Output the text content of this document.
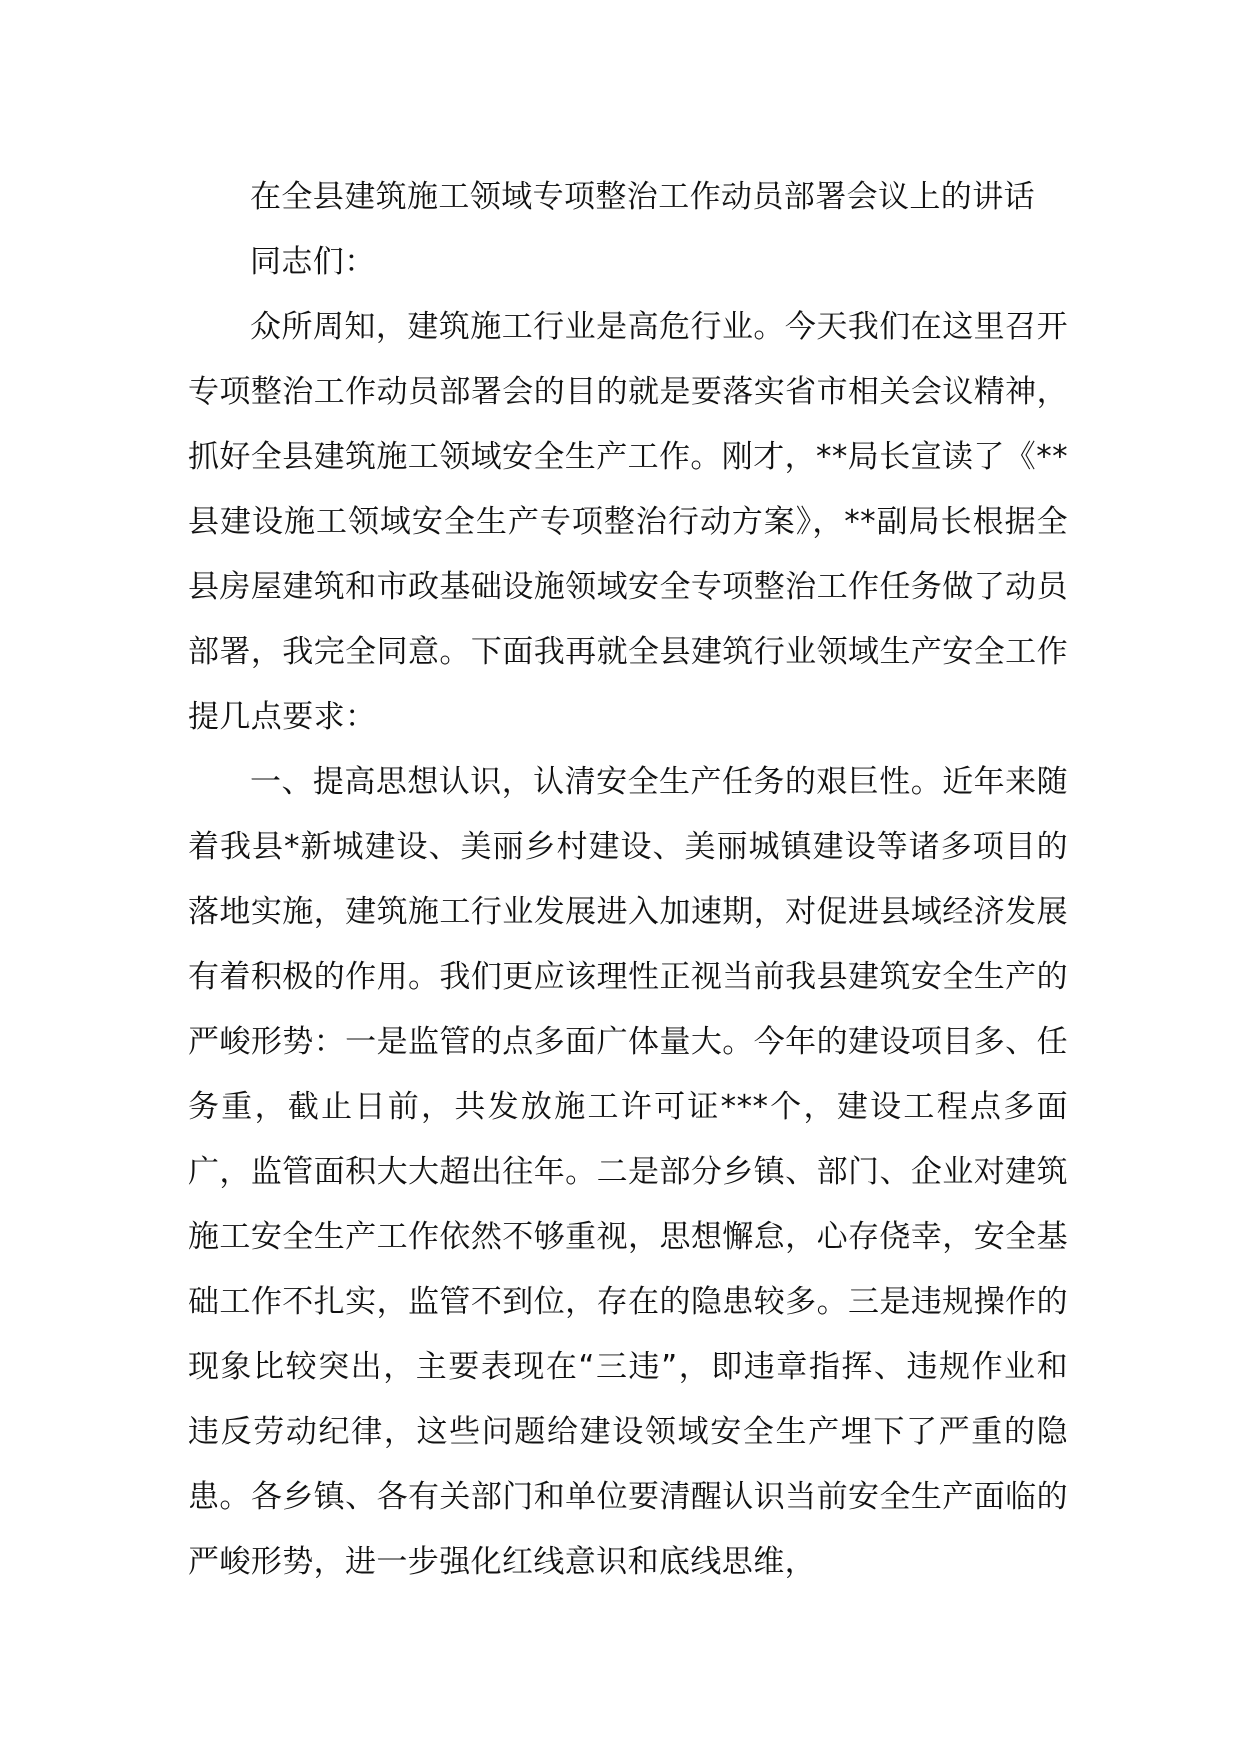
在全县建筑施工领域专项整治工作动员部署会议上的讲话

同志们：

众所周知，建筑施工行业是高危行业。今天我们在这里召开专项整治工作动员部署会的目的就是要落实省市相关会议精神，抓好全县建筑施工领域安全生产工作。刚才，**局长宣读了《**县建设施工领域安全生产专项整治行动方案》，**副局长根据全县房屋建筑和市政基础设施领域安全专项整治工作任务做了动员部署，我完全同意。下面我再就全县建筑行业领域生产安全工作提几点要求：

一、提高思想认识，认清安全生产任务的艰巨性。近年来随着我县*新城建设、美丽乡村建设、美丽城镇建设等诸多项目的落地实施，建筑施工行业发展进入加速期，对促进县域经济发展有着积极的作用。我们更应该理性正视当前我县建筑安全生产的严峻形势：一是监管的点多面广体量大。今年的建设项目多、任务重，截止日前，共发放施工许可证***个，建设工程点多面广，监管面积大大超出往年。二是部分乡镇、部门、企业对建筑施工安全生产工作依然不够重视，思想懈怠，心存侥幸，安全基础工作不扎实，监管不到位，存在的隐患较多。三是违规操作的现象比较突出，主要表现在“三违”，即违章指挥、违规作业和违反劳动纪律，这些问题给建设领域安全生产埋下了严重的隐患。各乡镇、各有关部门和单位要清醒认识当前安全生产面临的严峻形势，进一步强化红线意识和底线思维，
